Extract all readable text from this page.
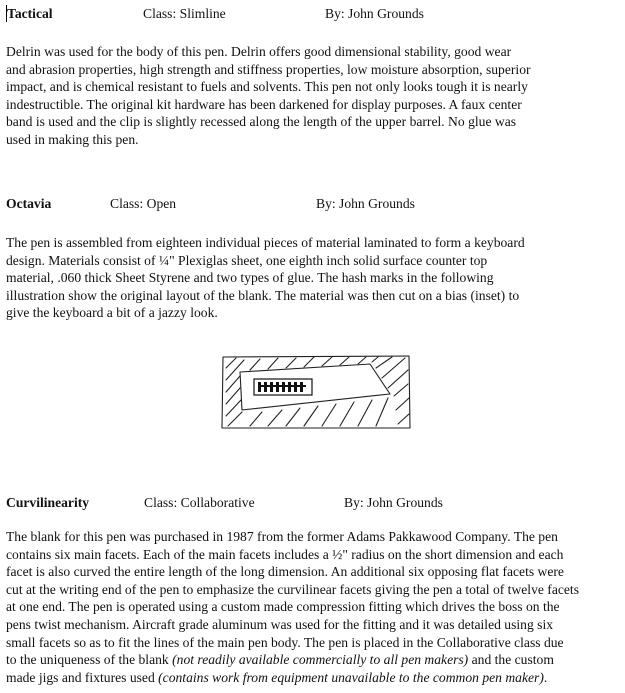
Tactical	Class: Slimline	By: John Grounds
Delrin was used for the body of this pen. Delrin offers good dimensional stability, good wear
and abrasion properties, high strength and stiffness properties, low moisture absorption, superior
impact, and is chemical resistant to fuels and solvents. This pen not only looks tough it is nearly
indestructible. The original kit hardware has been darkened for display purposes. A faux center
band is used and the clip is slightly recessed along the length of the upper barrel. No glue was
used in making this pen.
Octavia	Class: Open	By: John Grounds
The pen is assembled from eighteen individual pieces of material laminated to form a keyboard
design. Materials consist of ¼" Plexiglas sheet, one eighth inch solid surface counter top
material, .060 thick Sheet Styrene and two types of glue. The hash marks in the following
illustration show the original layout of the blank. The material was then cut on a bias (inset) to
give the keyboard a bit of a jazzy look.
Curvilinearity	Class: Collaborative	By: John Grounds
The blank for this pen was purchased in 1987 from the former Adams Pakkawood Company. The pen
contains six main facets. Each of the main facets includes a ½" radius on the short dimension and each
facet is also curved the entire length of the long dimension. An additional six opposing flat facets were
cut at the writing end of the pen to emphasize the curvilinear facets giving the pen a total of twelve facets
at one end. The pen is operated using a custom made compression fitting which drives the boss on the
pens twist mechanism. Aircraft grade aluminum was used for the fitting and it was detailed using six
small facets so as to fit the lines of the main pen body. The pen is placed in the Collaborative class due
to the uniqueness of the blank (not readily available commercially to all pen makers) and the custom
made jigs and fixtures used (contains work from equipment unavailable to the common pen maker).
